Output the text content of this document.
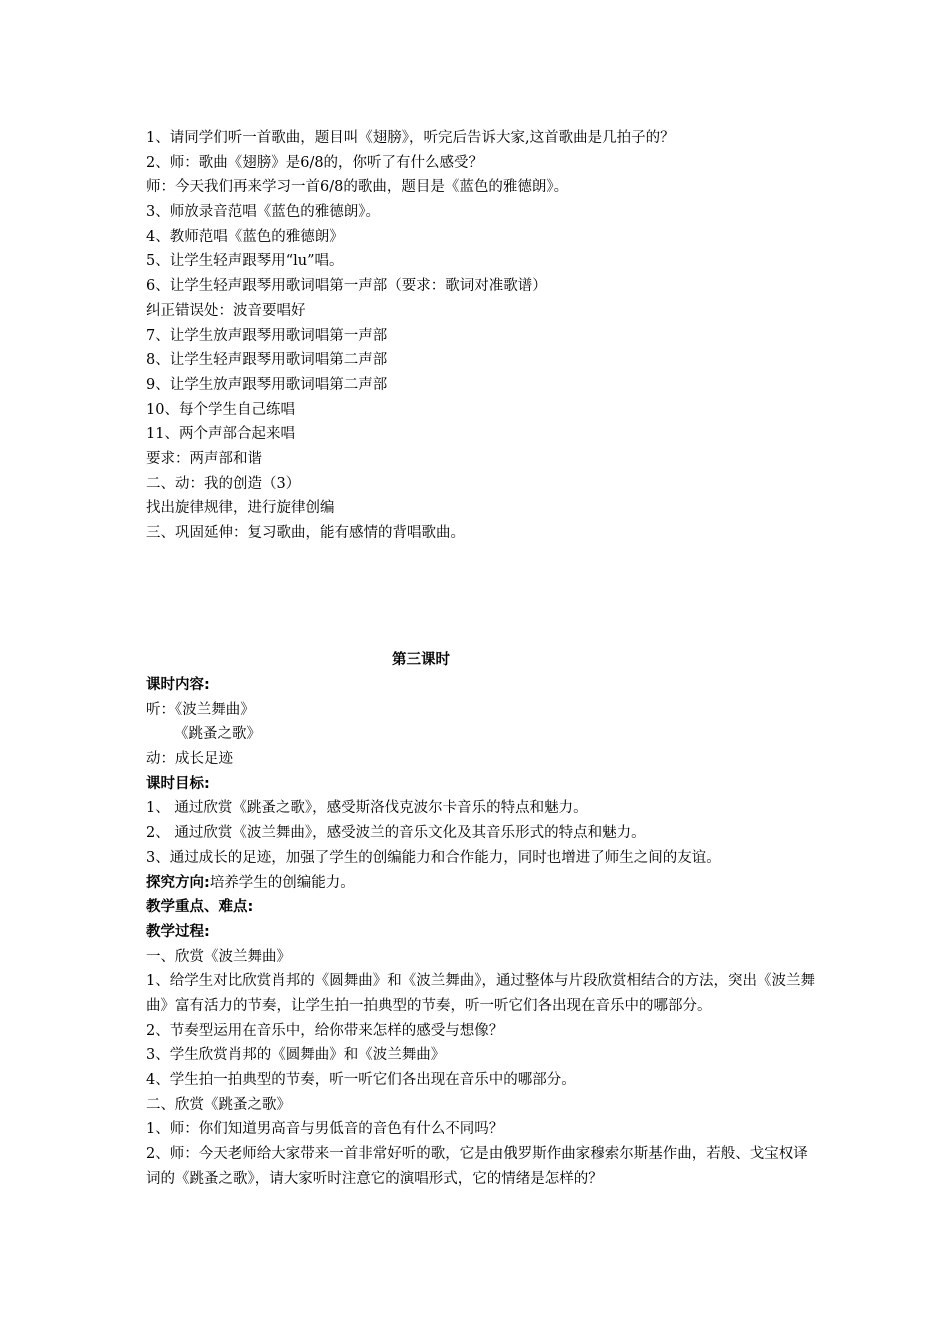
1、请同学们听一首歌曲，题目叫《翅膀》，听完后告诉大家,这首歌曲是几拍子的？
2、师：歌曲《翅膀》是6/8的，你听了有什么感受？
师：今天我们再来学习一首6/8的歌曲，题目是《蓝色的雅德朗》。
3、师放录音范唱《蓝色的雅德朗》。
4、教师范唱《蓝色的雅德朗》
5、让学生轻声跟琴用“lu”唱。
6、让学生轻声跟琴用歌词唱第一声部（要求：歌词对准歌谱）
纠正错误处：波音要唱好
7、让学生放声跟琴用歌词唱第一声部
8、让学生轻声跟琴用歌词唱第二声部
9、让学生放声跟琴用歌词唱第二声部
10、每个学生自己练唱
11、两个声部合起来唱
要求：两声部和谐
二、动：我的创造（3）
找出旋律规律，进行旋律创编
三、巩固延伸：复习歌曲，能有感情的背唱歌曲。
第三课时
课时内容:
听：《波兰舞曲》
《跳蚤之歌》
动：成长足迹
课时目标:
1、 通过欣赏《跳蚤之歌》，感受斯洛伐克波尔卡音乐的特点和魅力。
2、 通过欣赏《波兰舞曲》，感受波兰的音乐文化及其音乐形式的特点和魅力。
3、通过成长的足迹，加强了学生的创编能力和合作能力，同时也增进了师生之间的友谊。
探究方向:培养学生的创编能力。
教学重点、难点:
教学过程:
一、欣赏《波兰舞曲》
1、给学生对比欣赏肖邦的《圆舞曲》和《波兰舞曲》，通过整体与片段欣赏相结合的方法，突出《波兰舞曲》富有活力的节奏，让学生拍一拍典型的节奏，听一听它们各出现在音乐中的哪部分。
2、节奏型运用在音乐中，给你带来怎样的感受与想像？
3、学生欣赏肖邦的《圆舞曲》和《波兰舞曲》
4、学生拍一拍典型的节奏，听一听它们各出现在音乐中的哪部分。
二、欣赏《跳蚤之歌》
1、师：你们知道男高音与男低音的音色有什么不同吗？
2、师：今天老师给大家带来一首非常好听的歌，它是由俄罗斯作曲家穆索尔斯基作曲，若般、戈宝权译词的《跳蚤之歌》，请大家听时注意它的演唱形式，它的情绪是怎样的？
